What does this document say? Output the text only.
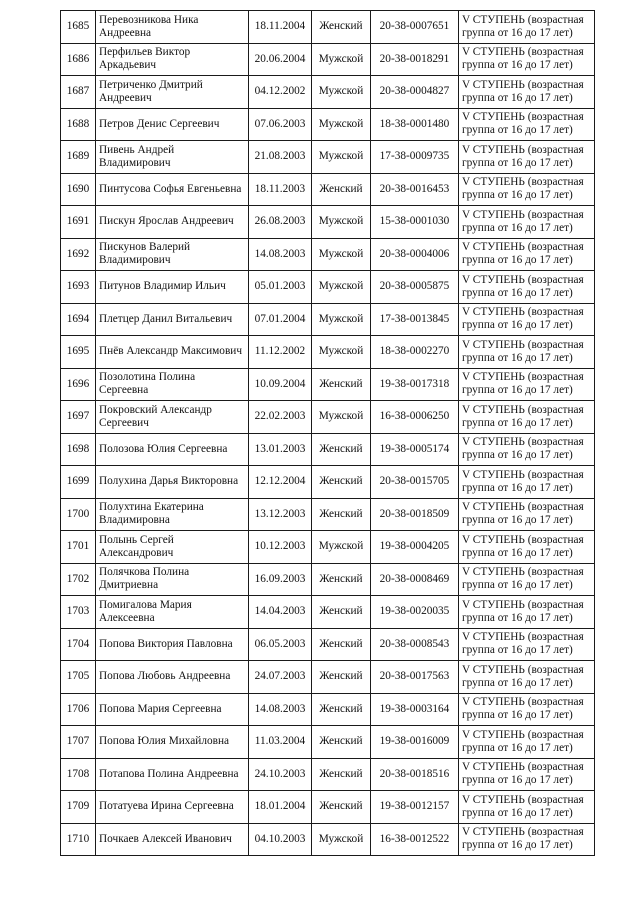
1685	Перевозникова Ника Андреевна	18.11.2004	Женский	20-38-0007651	V СТУПЕНЬ (возрастная группа от 16 до 17 лет)
1686	Перфильев Виктор Аркадьевич	20.06.2004	Мужской	20-38-0018291	V СТУПЕНЬ (возрастная группа от 16 до 17 лет)
1687	Петриченко Дмитрий Андреевич	04.12.2002	Мужской	20-38-0004827	V СТУПЕНЬ (возрастная группа от 16 до 17 лет)
1688	Петров Денис Сергеевич	07.06.2003	Мужской	18-38-0001480	V СТУПЕНЬ (возрастная группа от 16 до 17 лет)
1689	Пивень Андрей Владимирович	21.08.2003	Мужской	17-38-0009735	V СТУПЕНЬ (возрастная группа от 16 до 17 лет)
1690	Пинтусова Софья Евгеньевна	18.11.2003	Женский	20-38-0016453	V СТУПЕНЬ (возрастная группа от 16 до 17 лет)
1691	Пискун Ярослав Андреевич	26.08.2003	Мужской	15-38-0001030	V СТУПЕНЬ (возрастная группа от 16 до 17 лет)
1692	Пискунов Валерий Владимирович	14.08.2003	Мужской	20-38-0004006	V СТУПЕНЬ (возрастная группа от 16 до 17 лет)
1693	Питунов Владимир Ильич	05.01.2003	Мужской	20-38-0005875	V СТУПЕНЬ (возрастная группа от 16 до 17 лет)
1694	Плетцер Данил Витальевич	07.01.2004	Мужской	17-38-0013845	V СТУПЕНЬ (возрастная группа от 16 до 17 лет)
1695	Пнёв Александр Максимович	11.12.2002	Мужской	18-38-0002270	V СТУПЕНЬ (возрастная группа от 16 до 17 лет)
1696	Позолотина Полина Сергеевна	10.09.2004	Женский	19-38-0017318	V СТУПЕНЬ (возрастная группа от 16 до 17 лет)
1697	Покровский Александр Сергеевич	22.02.2003	Мужской	16-38-0006250	V СТУПЕНЬ (возрастная группа от 16 до 17 лет)
1698	Полозова Юлия Сергеевна	13.01.2003	Женский	19-38-0005174	V СТУПЕНЬ (возрастная группа от 16 до 17 лет)
1699	Полухина Дарья Викторовна	12.12.2004	Женский	20-38-0015705	V СТУПЕНЬ (возрастная группа от 16 до 17 лет)
1700	Полухтина Екатерина Владимировна	13.12.2003	Женский	20-38-0018509	V СТУПЕНЬ (возрастная группа от 16 до 17 лет)
1701	Полынь Сергей Александрович	10.12.2003	Мужской	19-38-0004205	V СТУПЕНЬ (возрастная группа от 16 до 17 лет)
1702	Полячкова Полина Дмитриевна	16.09.2003	Женский	20-38-0008469	V СТУПЕНЬ (возрастная группа от 16 до 17 лет)
1703	Помигалова Мария Алексеевна	14.04.2003	Женский	19-38-0020035	V СТУПЕНЬ (возрастная группа от 16 до 17 лет)
1704	Попова Виктория Павловна	06.05.2003	Женский	20-38-0008543	V СТУПЕНЬ (возрастная группа от 16 до 17 лет)
1705	Попова Любовь Андреевна	24.07.2003	Женский	20-38-0017563	V СТУПЕНЬ (возрастная группа от 16 до 17 лет)
1706	Попова Мария Сергеевна	14.08.2003	Женский	19-38-0003164	V СТУПЕНЬ (возрастная группа от 16 до 17 лет)
1707	Попова Юлия Михайловна	11.03.2004	Женский	19-38-0016009	V СТУПЕНЬ (возрастная группа от 16 до 17 лет)
1708	Потапова Полина Андреевна	24.10.2003	Женский	20-38-0018516	V СТУПЕНЬ (возрастная группа от 16 до 17 лет)
1709	Потатуева Ирина Сергеевна	18.01.2004	Женский	19-38-0012157	V СТУПЕНЬ (возрастная группа от 16 до 17 лет)
1710	Почкаев Алексей Иванович	04.10.2003	Мужской	16-38-0012522	V СТУПЕНЬ (возрастная группа от 16 до 17 лет)
